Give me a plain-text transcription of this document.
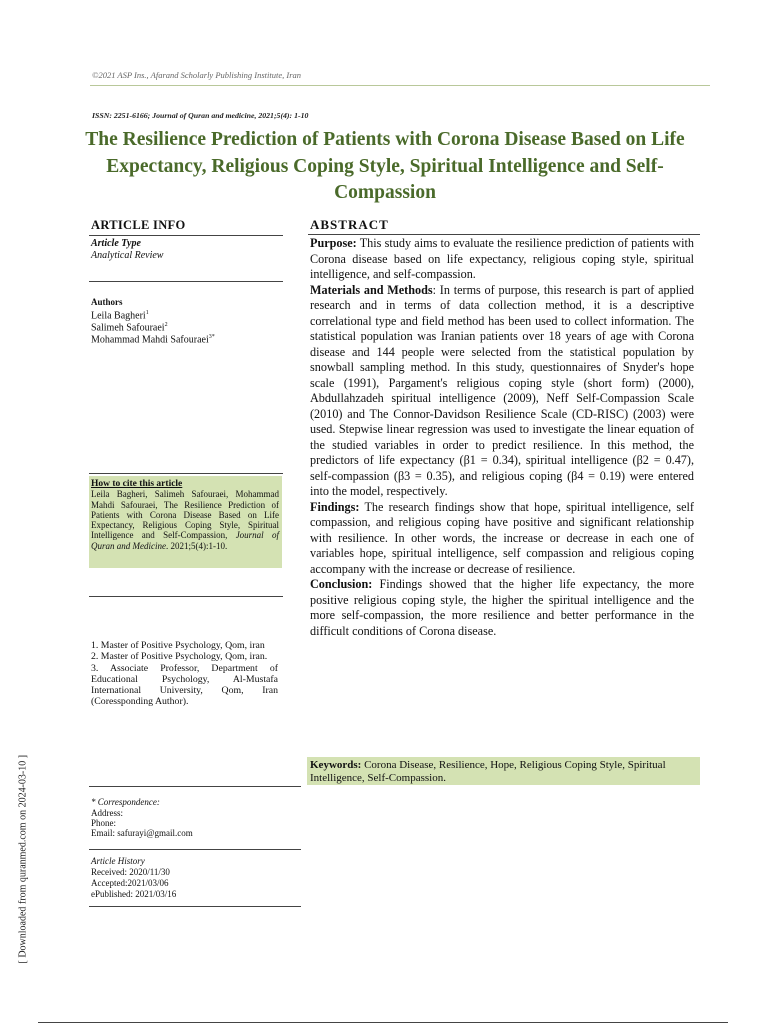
©2021 ASP Ins., Afarand Scholarly Publishing Institute, Iran
ISSN: 2251-6166; Journal of Quran and medicine, 2021;5(4): 1-10
The Resilience Prediction of Patients with Corona Disease Based on Life Expectancy, Religious Coping Style, Spiritual Intelligence and Self-Compassion
ARTICLE INFO
Article Type
Analytical Review
Authors
Leila Bagheri$^1$
Salimeh Safouraei$^2$
Mohammad Mahdi Safouraei$^{3*}$
How to cite this article
Leila Bagheri, Salimeh Safouraei, Mohammad Mahdi Safouraei, The Resilience Prediction of Patients with Corona Disease Based on Life Expectancy, Religious Coping Style, Spiritual Intelligence and Self-Compassion, Journal of Quran and Medicine. 2021;5(4):1-10.

1. Master of Positive Psychology, Qom, iran

2. Master of Positive Psychology, Qom, iran.

3. Associate Professor, Department of Educational Psychology, Al-Mustafa International University, Qom, Iran (Coressponding Author).

* Correspondence:
Address:
Phone:
Email: safurayi@gmail.com
Article History
Received: 2020/11/30
Accepted:2021/03/06
ePublished: 2021/03/16
ABSTRACT

Purpose: This study aims to evaluate the resilience prediction of patients with Corona disease based on life expectancy, religious coping style, spiritual intelligence, and self-compassion.

Materials and Methods: In terms of purpose, this research is part of applied research and in terms of data collection method, it is a descriptive correlational type and field method has been used to collect information. The statistical population was Iranian patients over 18 years of age with Corona disease and 144 people were selected from the statistical population by snowball sampling method. In this study, questionnaires of Snyder's hope scale (1991), Pargament's religious coping style (short form) (2000), Abdullahzadeh spiritual intelligence (2009), Neff Self-Compassion Scale (2010) and The Connor-Davidson Resilience Scale (CD-RISC) (2003) were used. Stepwise linear regression was used to investigate the linear equation of the studied variables in order to predict resilience. In this method, the predictors of life expectancy (β1 = 0.34), spiritual intelligence (β2 = 0.47), self-compassion (β3 = 0.35), and religious coping (β4 = 0.19) were entered into the model, respectively.

Findings: The research findings show that hope, spiritual intelligence, self compassion, and religious coping have positive and significant relationship with resilience. In other words, the increase or decrease in each one of variables hope, spiritual intelligence, self compassion and religious coping accompany with the increase or decrease of resilience.

Conclusion: Findings showed that the higher life expectancy, the more positive religious coping style, the higher the spiritual intelligence and the more self-compassion, the more resilience and better performance in the difficult conditions of Corona disease.

Keywords: Corona Disease, Resilience, Hope, Religious Coping Style, Spiritual Intelligence, Self-Compassion.
[ Downloaded from quranmed.com on 2024-03-10 ]
